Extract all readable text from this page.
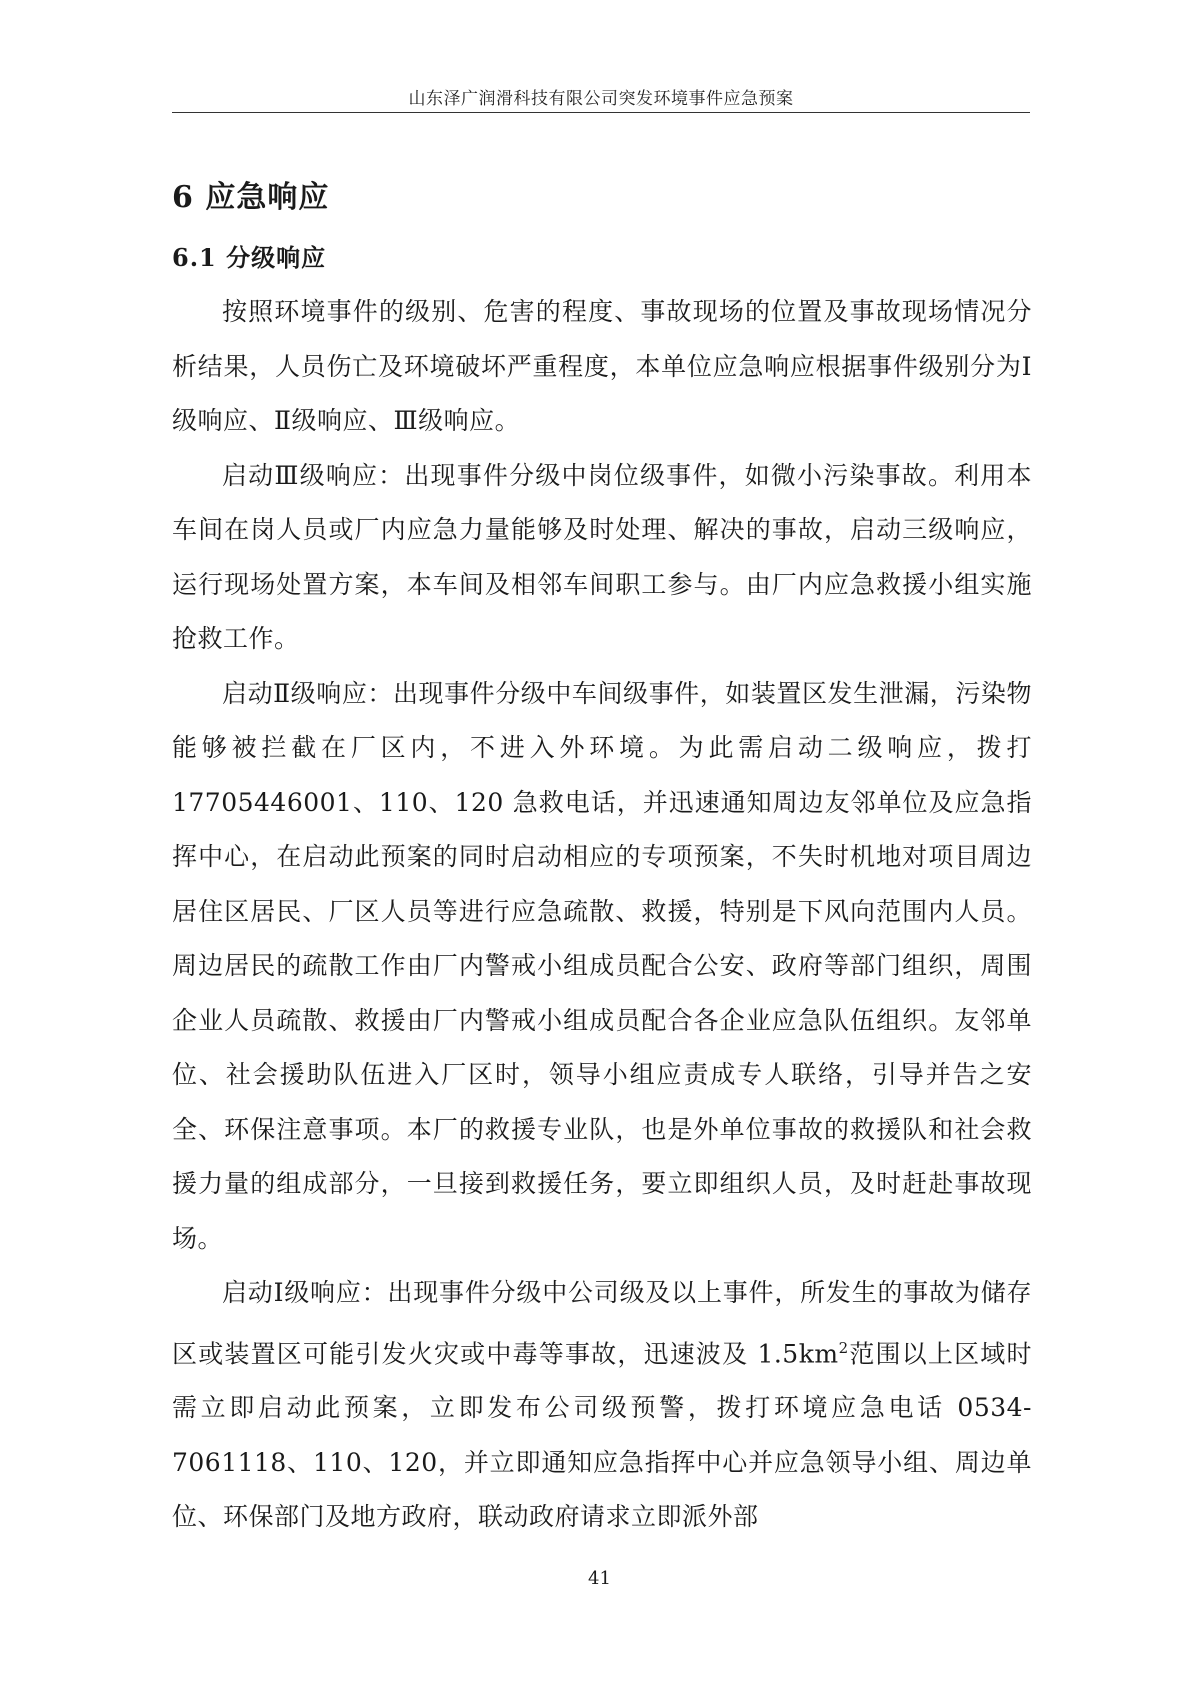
山东泽广润滑科技有限公司突发环境事件应急预案
6 应急响应
6.1 分级响应

按照环境事件的级别、危害的程度、事故现场的位置及事故现场情况分析结果，人员伤亡及环境破坏严重程度，本单位应急响应根据事件级别分为Ⅰ级响应、Ⅱ级响应、Ⅲ级响应。

启动Ⅲ级响应：出现事件分级中岗位级事件，如微小污染事故。利用本车间在岗人员或厂内应急力量能够及时处理、解决的事故，启动三级响应，运行现场处置方案，本车间及相邻车间职工参与。由厂内应急救援小组实施抢救工作。

启动Ⅱ级响应：出现事件分级中车间级事件，如装置区发生泄漏，污染物能够被拦截在厂区内，不进入外环境。为此需启动二级响应，拨打 17705446001、110、120 急救电话，并迅速通知周边友邻单位及应急指挥中心，在启动此预案的同时启动相应的专项预案，不失时机地对项目周边居住区居民、厂区人员等进行应急疏散、救援，特别是下风向范围内人员。周边居民的疏散工作由厂内警戒小组成员配合公安、政府等部门组织，周围企业人员疏散、救援由厂内警戒小组成员配合各企业应急队伍组织。友邻单位、社会援助队伍进入厂区时，领导小组应责成专人联络，引导并告之安全、环保注意事项。本厂的救援专业队，也是外单位事故的救援队和社会救援力量的组成部分，一旦接到救援任务，要立即组织人员，及时赶赴事故现场。

启动Ⅰ级响应：出现事件分级中公司级及以上事件，所发生的事故为储存区或装置区可能引发火灾或中毒等事故，迅速波及 $1.5km^2$范围以上区域时需立即启动此预案，立即发布公司级预警，拨打环境应急电话 0534-7061118、110、120，并立即通知应急指挥中心并应急领导小组、周边单位、环保部门及地方政府，联动政府请求立即派外部

41
